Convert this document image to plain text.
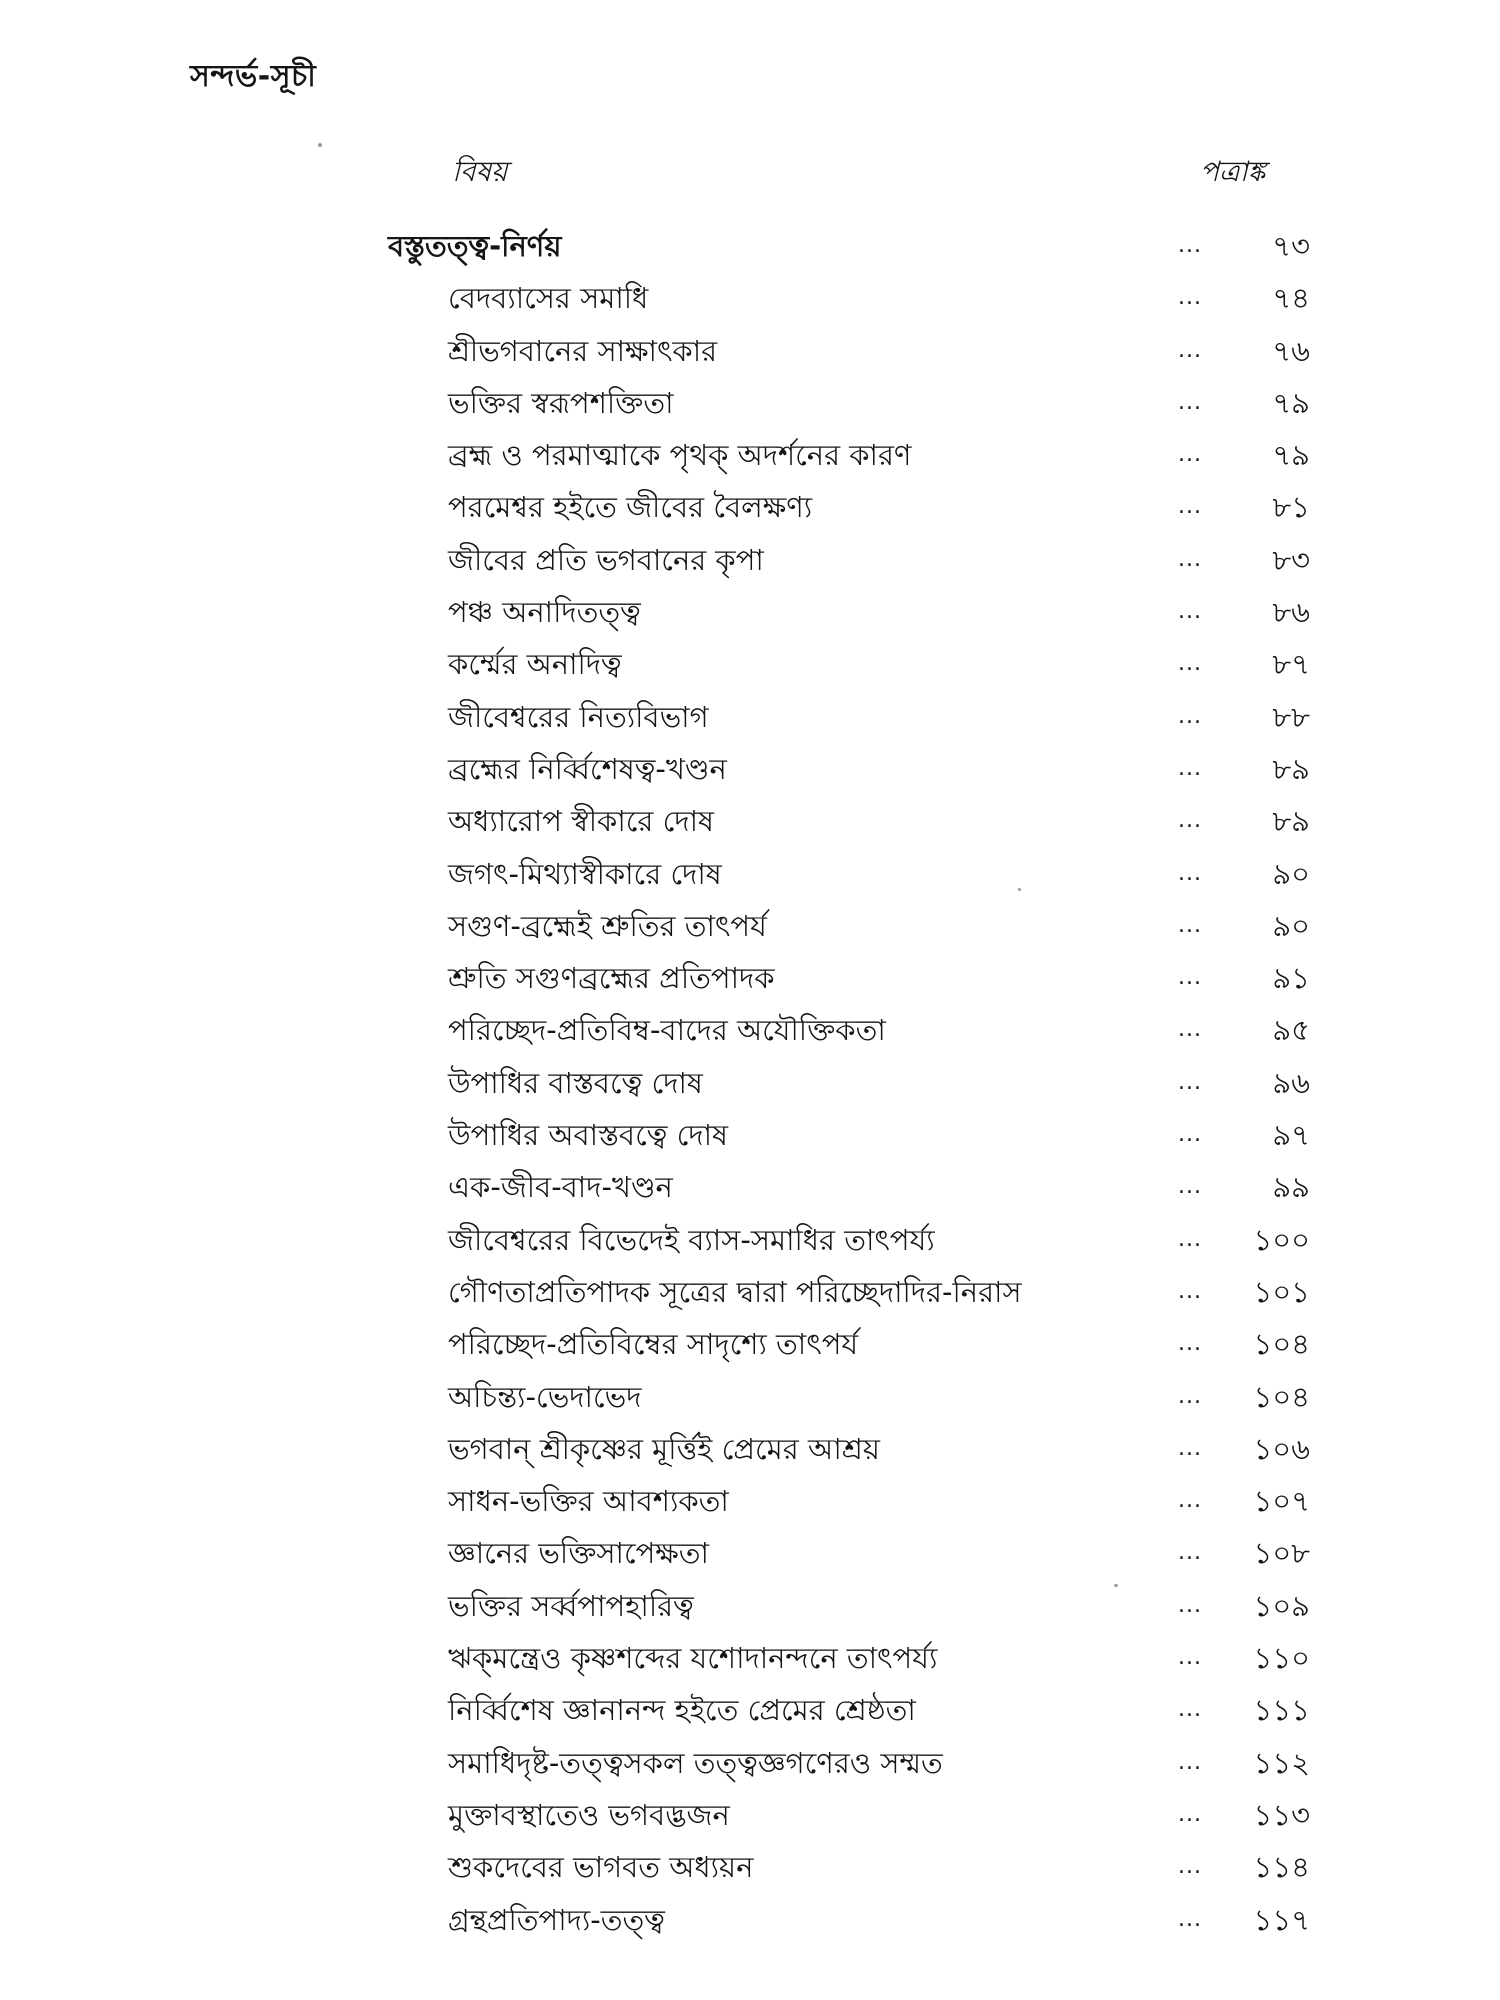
সন্দর্ভ-সূচী
বিষয়	পত্রাঙ্ক
বস্তুতত্ত্ব-নির্ণয়	... ৭৩
বেদব্যাসের সমাধি	... ৭৪
শ্রীভগবানের সাক্ষাৎকার	... ৭৬
ভক্তির স্বরূপশক্তিতা	... ৭৯
ব্রহ্ম ও পরমাত্মাকে পৃথক্ অদর্শনের কারণ	... ৭৯
পরমেশ্বর হইতে জীবের বৈলক্ষণ্য	... ৮১
জীবের প্রতি ভগবানের কৃপা	... ৮৩
পঞ্চ অনাদিতত্ত্ব	... ৮৬
কর্ম্মের অনাদিত্ব	... ৮৭
জীবেশ্বরের নিত্যবিভাগ	... ৮৮
ব্রহ্মের নির্ব্বিশেষত্ব-খণ্ডন	... ৮৯
অধ্যারোপ স্বীকারে দোষ	... ৮৯
জগৎ-মিথ্যাস্বীকারে দোষ	... ৯০
সগুণ-ব্রহ্মেই শ্রুতির তাৎপর্য	... ৯০
শ্রুতি সগুণব্রহ্মের প্রতিপাদক	... ৯১
পরিচ্ছেদ-প্রতিবিম্ব-বাদের অযৌক্তিকতা	... ৯৫
উপাধির বাস্তবত্বে দোষ	... ৯৬
উপাধির অবাস্তবত্বে দোষ	... ৯৭
এক-জীব-বাদ-খণ্ডন	... ৯৯
জীবেশ্বরের বিভেদেই ব্যাস-সমাধির তাৎপর্য্য	... ১০০
গৌণতাপ্রতিপাদক সূত্রের দ্বারা পরিচ্ছেদাদির-নিরাস	... ১০১
পরিচ্ছেদ-প্রতিবিম্বের সাদৃশ্যে তাৎপর্য	... ১০৪
অচিন্ত্য-ভেদাভেদ	... ১০৪
ভগবান্ শ্রীকৃষ্ণের মূর্ত্তিই প্রেমের আশ্রয়	... ১০৬
সাধন-ভক্তির আবশ্যকতা	... ১০৭
জ্ঞানের ভক্তিসাপেক্ষতা	... ১০৮
ভক্তির সর্ব্বপাপহারিত্ব	... ১০৯
ঋক্‌মন্ত্রেও কৃষ্ণশব্দের যশোদানন্দনে তাৎপর্য্য	... ১১০
নির্ব্বিশেষ জ্ঞানানন্দ হইতে প্রেমের শ্রেষ্ঠতা	... ১১১
সমাধিদৃষ্ট-তত্ত্বসকল তত্ত্বজ্ঞগণেরও সম্মত	... ১১২
মুক্তাবস্থাতেও ভগবদ্ভজন	... ১১৩
শুকদেবের ভাগবত অধ্যয়ন	... ১১৪
গ্রন্থপ্রতিপাদ্য-তত্ত্ব	... ১১৭
